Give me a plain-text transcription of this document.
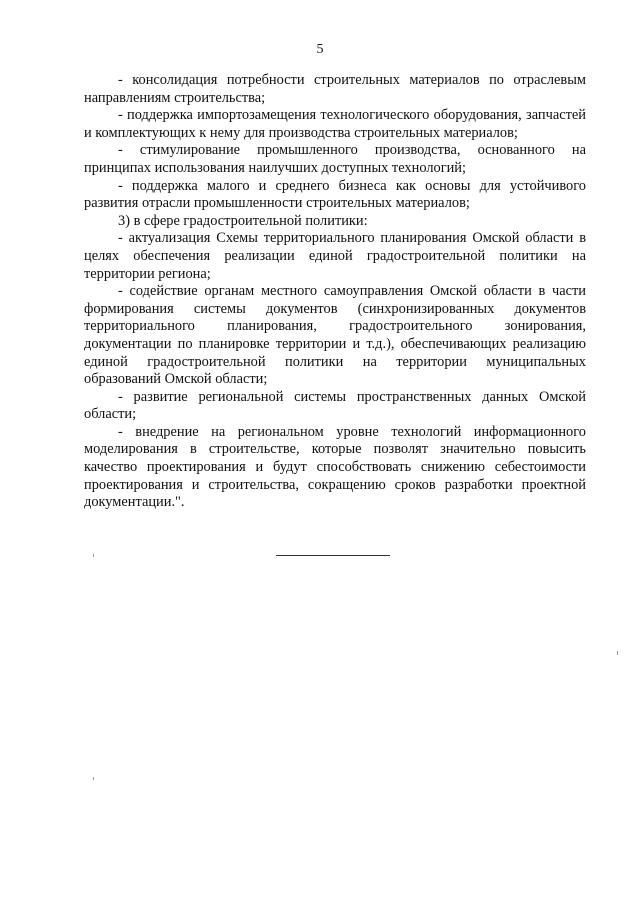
5

- консолидация потребности строительных материалов по отраслевым направлениям строительства;

- поддержка импортозамещения технологического оборудования, запчастей и комплектующих к нему для производства строительных материалов;

- стимулирование промышленного производства, основанного на принципах использования наилучших доступных технологий;

- поддержка малого и среднего бизнеса как основы для устойчивого развития отрасли промышленности строительных материалов;

3) в сфере градостроительной политики:

- актуализация Схемы территориального планирования Омской области в целях обеспечения реализации единой градостроительной политики на территории региона;

- содействие органам местного самоуправления Омской области в части формирования системы документов (синхронизированных документов территориального планирования, градостроительного зонирования, документации по планировке территории и т.д.), обеспечивающих реализацию единой градостроительной политики на территории муниципальных образований Омской области;

- развитие региональной системы пространственных данных Омской области;

- внедрение на региональном уровне технологий информационного моделирования в строительстве, которые позволят значительно повысить качество проектирования и будут способствовать снижению себестоимости проектирования и строительства, сокращению сроков разработки проектной документации.".
